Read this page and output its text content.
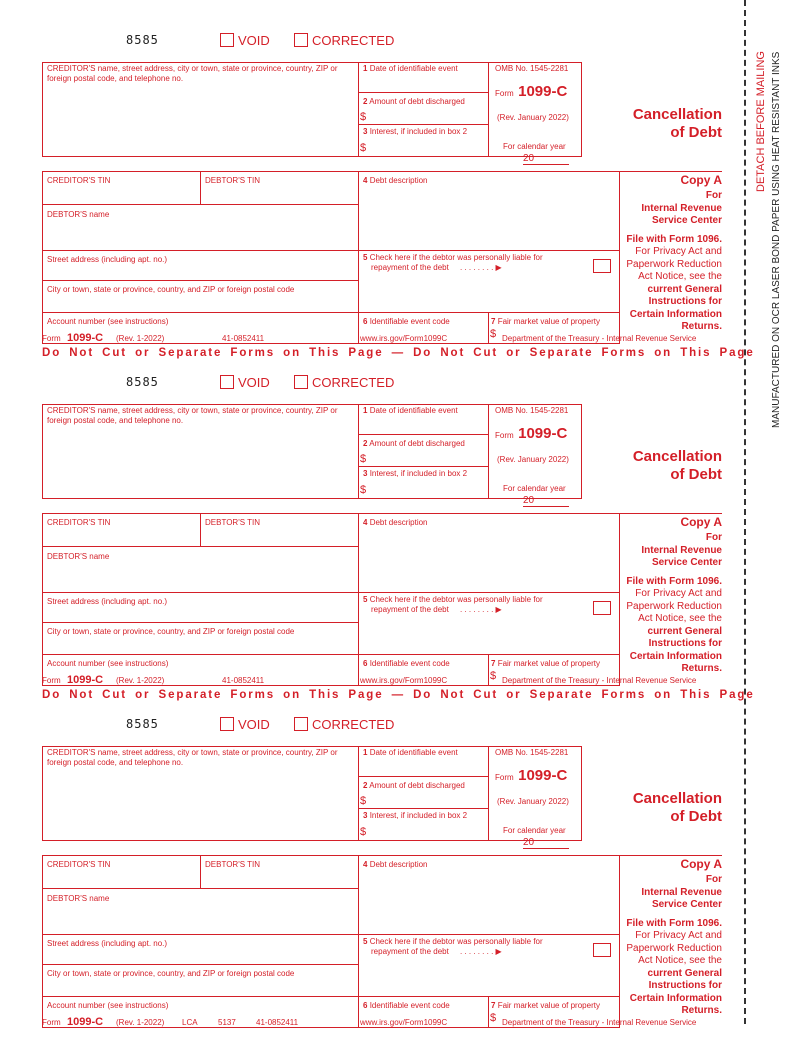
DETACH BEFORE MAILING MANUFACTURED ON OCR LASER BOND PAPER USING HEAT RESISTANT INKS
8585	VOID	CORRECTED
CREDITOR'S name, street address, city or town, state or province, country, ZIP or foreign postal code, and telephone no.
1 Date of identifiable event
2 Amount of debt discharged
$
3 Interest, if included in box 2
$
OMB No. 1545-2281
Form 1099-C
(Rev. January 2022)
For calendar year
20
Cancellation
of Debt
CREDITOR'S TIN	DEBTOR'S TIN	4 Debt description
DEBTOR'S name
Copy A
For
Internal Revenue
Service Center
File with Form 1096.
For Privacy Act and
Paperwork Reduction
Act Notice, see the
current General
Instructions for
Certain Information
Returns.
Street address (including apt. no.)	5 Check here if the debtor was personally liable for
repayment of the debt . . . . . . . . ▶
City or town, state or province, country, and ZIP or foreign postal code
Account number (see instructions)	6 Identifiable event code	7 Fair market value of property
$
Form 1099-C (Rev. 1-2022)	41-0852411	www.irs.gov/Form1099C	Department of the Treasury - Internal Revenue Service
Do Not Cut or Separate Forms on This Page — Do Not Cut or Separate Forms on This Page
8585	VOID	CORRECTED
CREDITOR'S name, street address, city or town, state or province, country, ZIP or foreign postal code, and telephone no.
1 Date of identifiable event
2 Amount of debt discharged
$
3 Interest, if included in box 2
$
OMB No. 1545-2281
Form 1099-C
(Rev. January 2022)
For calendar year
20
Cancellation
of Debt
CREDITOR'S TIN	DEBTOR'S TIN	4 Debt description
DEBTOR'S name
Copy A
For
Internal Revenue
Service Center
File with Form 1096.
For Privacy Act and
Paperwork Reduction
Act Notice, see the
current General
Instructions for
Certain Information
Returns.
Street address (including apt. no.)	5 Check here if the debtor was personally liable for
repayment of the debt . . . . . . . . ▶
City or town, state or province, country, and ZIP or foreign postal code
Account number (see instructions)	6 Identifiable event code	7 Fair market value of property
$
Form 1099-C (Rev. 1-2022)	41-0852411	www.irs.gov/Form1099C	Department of the Treasury - Internal Revenue Service
Do Not Cut or Separate Forms on This Page — Do Not Cut or Separate Forms on This Page
8585	VOID	CORRECTED
CREDITOR'S name, street address, city or town, state or province, country, ZIP or foreign postal code, and telephone no.
1 Date of identifiable event
2 Amount of debt discharged
$
3 Interest, if included in box 2
$
OMB No. 1545-2281
Form 1099-C
(Rev. January 2022)
For calendar year
20
Cancellation
of Debt
CREDITOR'S TIN	DEBTOR'S TIN	4 Debt description
DEBTOR'S name
Copy A
For
Internal Revenue
Service Center
File with Form 1096.
For Privacy Act and
Paperwork Reduction
Act Notice, see the
current General
Instructions for
Certain Information
Returns.
Street address (including apt. no.)	5 Check here if the debtor was personally liable for
repayment of the debt . . . . . . . . ▶
City or town, state or province, country, and ZIP or foreign postal code
Account number (see instructions)	6 Identifiable event code	7 Fair market value of property
$
Form 1099-C (Rev. 1-2022) LCA	5137	41-0852411	www.irs.gov/Form1099C	Department of the Treasury - Internal Revenue Service
